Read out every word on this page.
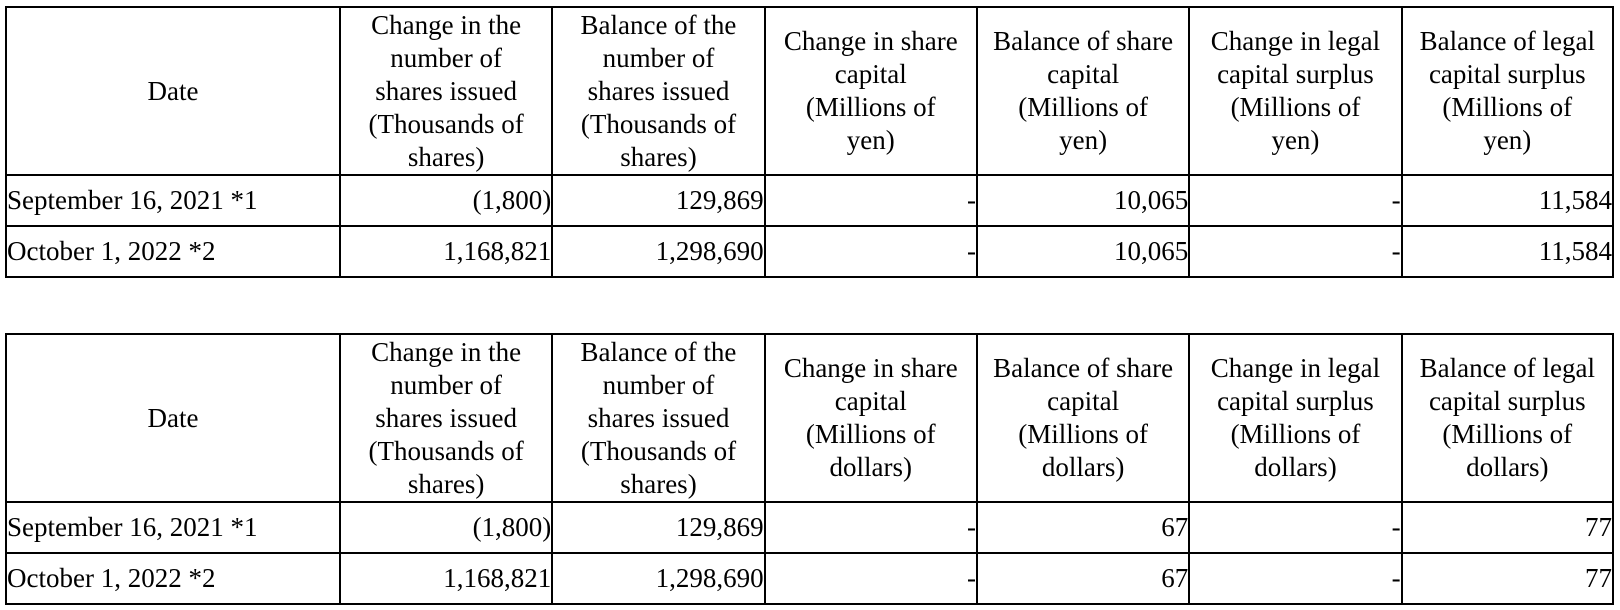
Date	Change in the
number of
shares issued
(Thousands of
shares)	Balance of the
number of
shares issued
(Thousands of
shares)	Change in share
capital
(Millions of
yen)	Balance of share
capital
(Millions of
yen)	Change in legal
capital surplus
(Millions of
yen)	Balance of legal
capital surplus
(Millions of
yen)

September 16, 2021 *1	(1,800)	129,869	-	10,065	-	11,584
October 1, 2022 *2	1,168,821	1,298,690	-	10,065	-	11,584
Date	Change in the
number of
shares issued
(Thousands of
shares)	Balance of the
number of
shares issued
(Thousands of
shares)	Change in share
capital
(Millions of
dollars)	Balance of share
capital
(Millions of
dollars)	Change in legal
capital surplus
(Millions of
dollars)	Balance of legal
capital surplus
(Millions of
dollars)

September 16, 2021 *1	(1,800)	129,869	-	67	-	77
October 1, 2022 *2	1,168,821	1,298,690	-	67	-	77
